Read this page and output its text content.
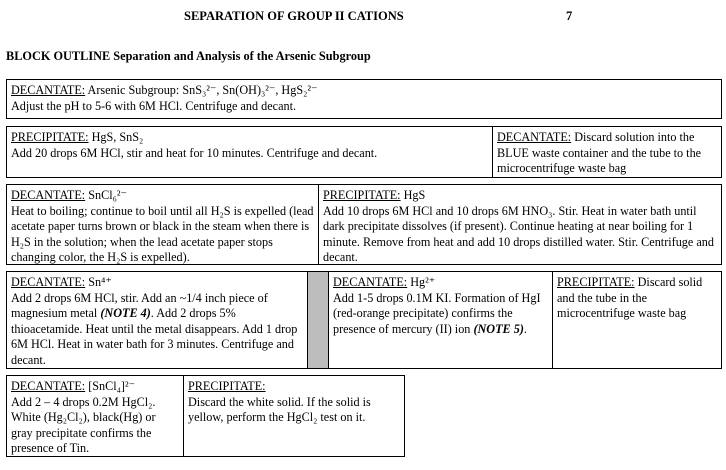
SEPARATION OF GROUP II CATIONS	7
BLOCK OUTLINE Separation and Analysis of the Arsenic Subgroup
DECANTATE: Arsenic Subgroup: SnS₃²⁻, Sn(OH)₃²⁻, HgS₂²⁻
Adjust the pH to 5-6 with 6M HCl. Centrifuge and decant.
PRECIPITATE: HgS, SnS₂
Add 20 drops 6M HCl, stir and heat for 10 minutes. Centrifuge and decant.
DECANTATE: Discard solution into the BLUE waste container and the tube to the microcentrifuge waste bag
DECANTATE: SnCl₆²⁻
Heat to boiling; continue to boil until all H₂S is expelled (lead acetate paper turns brown or black in the steam when there is H₂S in the solution; when the lead acetate paper stops changing color, the H₂S is expelled).
PRECIPITATE: HgS
Add 10 drops 6M HCl and 10 drops 6M HNO₃. Stir. Heat in water bath until dark precipitate dissolves (if present). Continue heating at near boiling for 1 minute. Remove from heat and add 10 drops distilled water. Stir. Centrifuge and decant.
DECANTATE: Sn⁴⁺
Add 2 drops 6M HCl, stir. Add an ~1/4 inch piece of magnesium metal (NOTE 4). Add 2 drops 5% thioacetamide. Heat until the metal disappears. Add 1 drop 6M HCl. Heat in water bath for 3 minutes. Centrifuge and decant.
DECANTATE: Hg²⁺
Add 1-5 drops 0.1M KI. Formation of HgI (red-orange precipitate) confirms the presence of mercury (II) ion (NOTE 5).
PRECIPITATE: Discard solid and the tube in the microcentrifuge waste bag
DECANTATE: [SnCl₄]²⁻
Add 2 – 4 drops 0.2M HgCl₂. White (Hg₂Cl₂), black(Hg) or gray precipitate confirms the presence of Tin.
PRECIPITATE:
Discard the white solid. If the solid is yellow, perform the HgCl₂ test on it.
